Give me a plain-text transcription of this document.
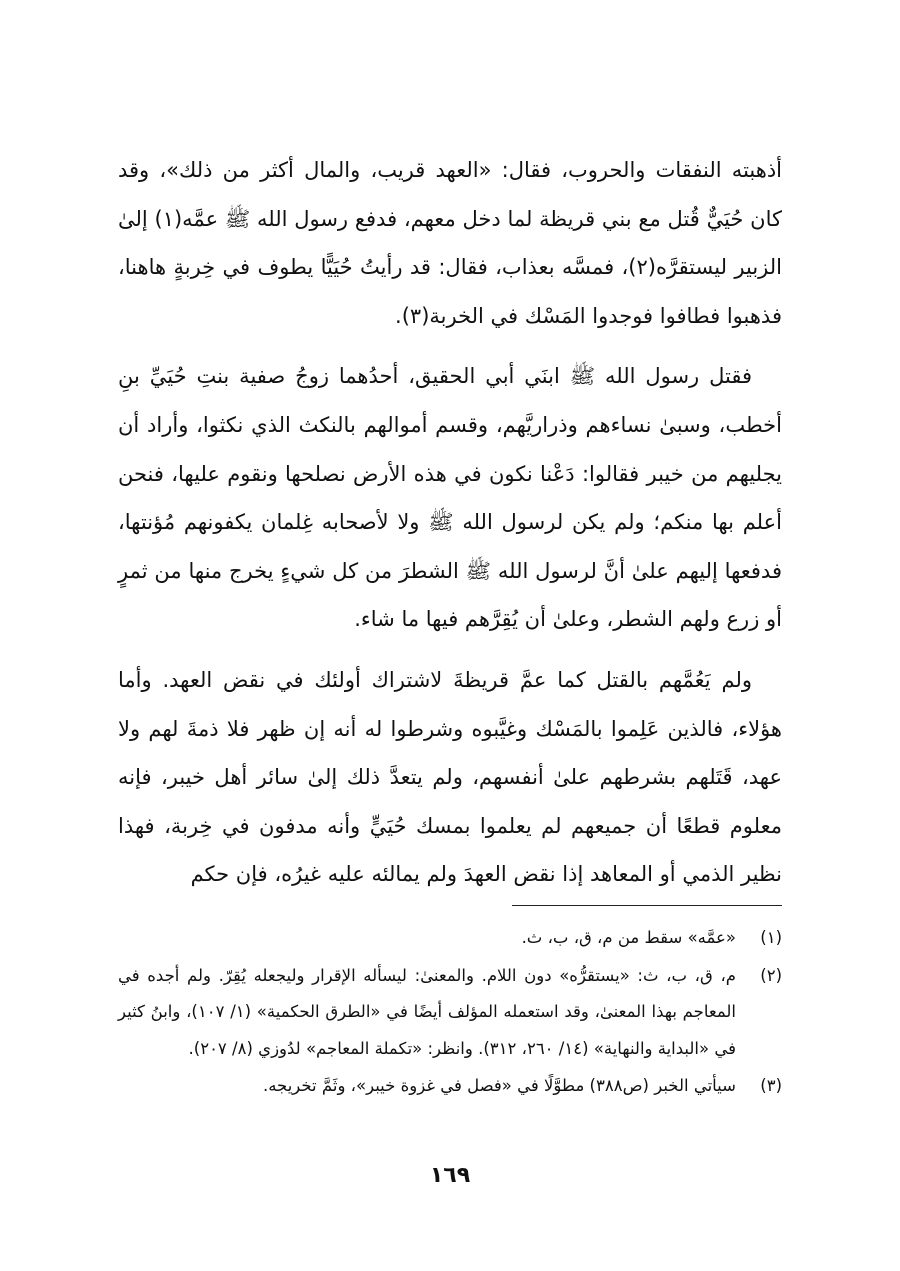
أذهبته النفقات والحروب، فقال: «العهد قريب، والمال أكثر من ذلك»، وقد كان حُيَيٌّ قُتل مع بني قريظة لما دخل معهم، فدفع رسول الله ﷺ عمَّه(١) إلىٰ الزبير ليستقرَّه(٢)، فمسَّه بعذاب، فقال: قد رأيتُ حُيَيًّا يطوف في خِربةٍ هاهنا، فذهبوا فطافوا فوجدوا المَسْك في الخربة(٣).

فقتل رسول الله ﷺ ابنَي أبي الحقيق، أحدُهما زوجُ صفية بنتِ حُيَيِّ بنِ أخطب، وسبىٰ نساءهم وذراريَّهم، وقسم أموالهم بالنكث الذي نكثوا، وأراد أن يجليهم من خيبر فقالوا: دَعْنا نكون في هذه الأرض نصلحها ونقوم عليها، فنحن أعلم بها منكم؛ ولم يكن لرسول الله ﷺ ولا لأصحابه غِلمان يكفونهم مُؤنتها، فدفعها إليهم علىٰ أنَّ لرسول الله ﷺ الشطرَ من كل شيءٍ يخرج منها من ثمرٍ أو زرع ولهم الشطر، وعلىٰ أن يُقِرَّهم فيها ما شاء.

ولم يَعُمَّهم بالقتل كما عمَّ قريظةَ لاشتراك أولئك في نقض العهد. وأما هؤلاء، فالذين عَلِموا بالمَسْك وغيَّبوه وشرطوا له أنه إن ظهر فلا ذمةَ لهم ولا عهد، قَتَلهم بشرطهم علىٰ أنفسهم، ولم يتعدَّ ذلك إلىٰ سائر أهل خيبر، فإنه معلوم قطعًا أن جميعهم لم يعلموا بمسك حُيَيٍّ وأنه مدفون في خِربة، فهذا نظير الذمي أو المعاهد إذا نقض العهدَ ولم يمالئه عليه غيرُه، فإن حكم

(١)
«عمَّه» سقط من م، ق، ب، ث.
(٢)
م، ق، ب، ث: «يستقرُّه» دون اللام. والمعنىٰ: ليسأله الإقرار وليجعله يُقِرّ. ولم أجده في المعاجم بهذا المعنىٰ، وقد استعمله المؤلف أيضًا في «الطرق الحكمية» (١/ ١٠٧)، وابنُ كثير في «البداية والنهاية» (١٤/ ٢٦٠، ٣١٢). وانظر: «تكملة المعاجم» لدُوزي (٨/ ٢٠٧).
(٣)
سيأتي الخبر (ص٣٨٨) مطوَّلًا في «فصل في غزوة خيبر»، وثَمَّ تخريجه.
١٦٩
